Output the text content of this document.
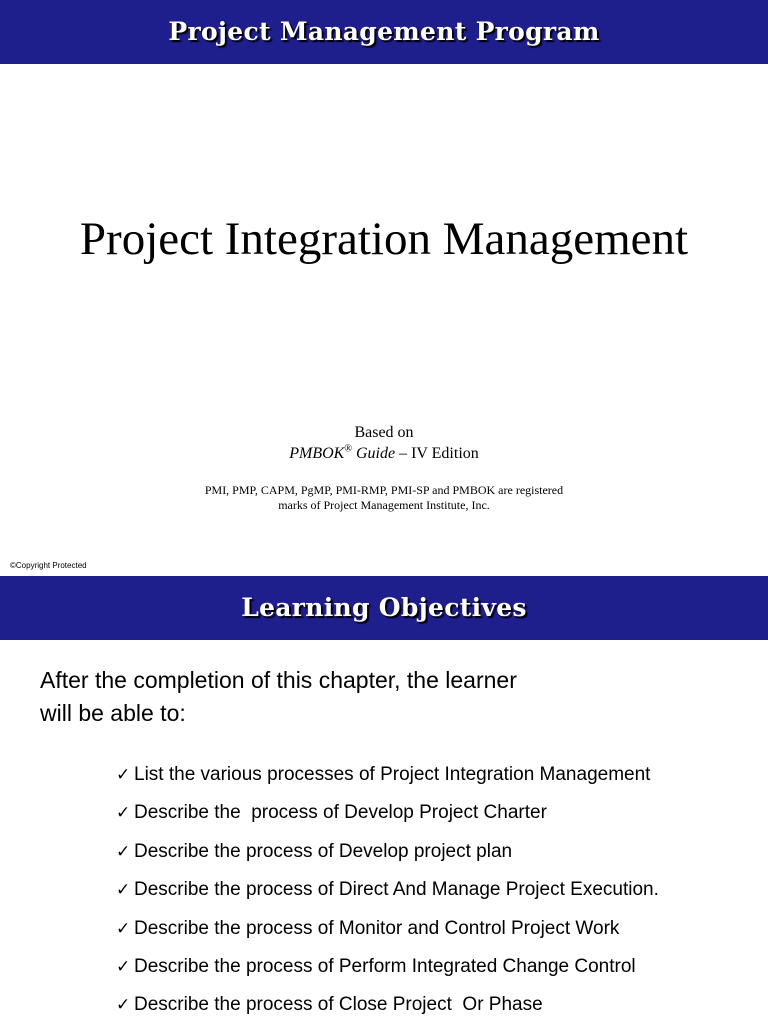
Project Management Program
Project Integration Management
Based on
PMBOK® Guide – IV Edition
PMI, PMP, CAPM, PgMP, PMI-RMP, PMI-SP and PMBOK are registered
marks of Project Management Institute, Inc.
©Copyright Protected
Learning Objectives
After the completion of this chapter, the learner
will be able to:
✓ List the various processes of Project Integration Management
✓ Describe the  process of Develop Project Charter
✓ Describe the process of Develop project plan
✓ Describe the process of Direct And Manage Project Execution.
✓ Describe the process of Monitor and Control Project Work
✓ Describe the process of Perform Integrated Change Control
✓ Describe the process of Close Project  Or Phase
